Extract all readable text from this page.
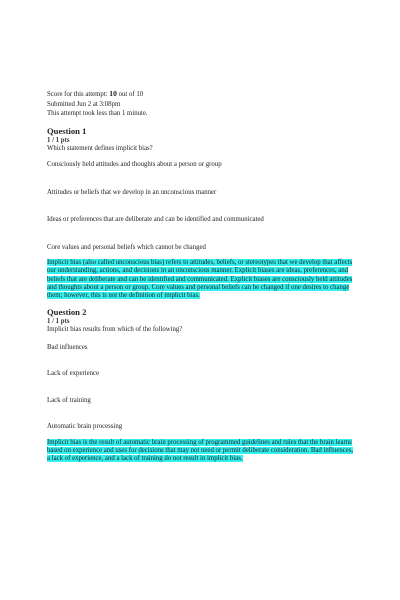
Score for this attempt: 10 out of 10
Submitted Jun 2 at 3:08pm
This attempt took less than 1 minute.
Question 1
1 / 1 pts
Which statement defines implicit bias?
Consciously held attitudes and thoughts about a person or group
Attitudes or beliefs that we develop in an unconscious manner
Ideas or preferences that are deliberate and can be identified and communicated
Core values and personal beliefs which cannot be changed
Implicit bias (also called unconscious bias) refers to attitudes, beliefs, or stereotypes that we develop that affects our understanding, actions, and decisions in an unconscious manner. Explicit biases are ideas, preferences, and beliefs that are deliberate and can be identified and communicated. Explicit biases are consciously held attitudes and thoughts about a person or group. Core values and personal beliefs can be changed if one desires to change them; however, this is not the definition of implicit bias.
Question 2
1 / 1 pts
Implicit bias results from which of the following?
Bad influences
Lack of experience
Lack of training
Automatic brain processing
Implicit bias is the result of automatic brain processing of programmed guidelines and rules that the brain learns based on experience and uses for decisions that may not need or permit deliberate consideration. Bad influences, a lack of experience, and a lack of training do not result in implicit bias.
